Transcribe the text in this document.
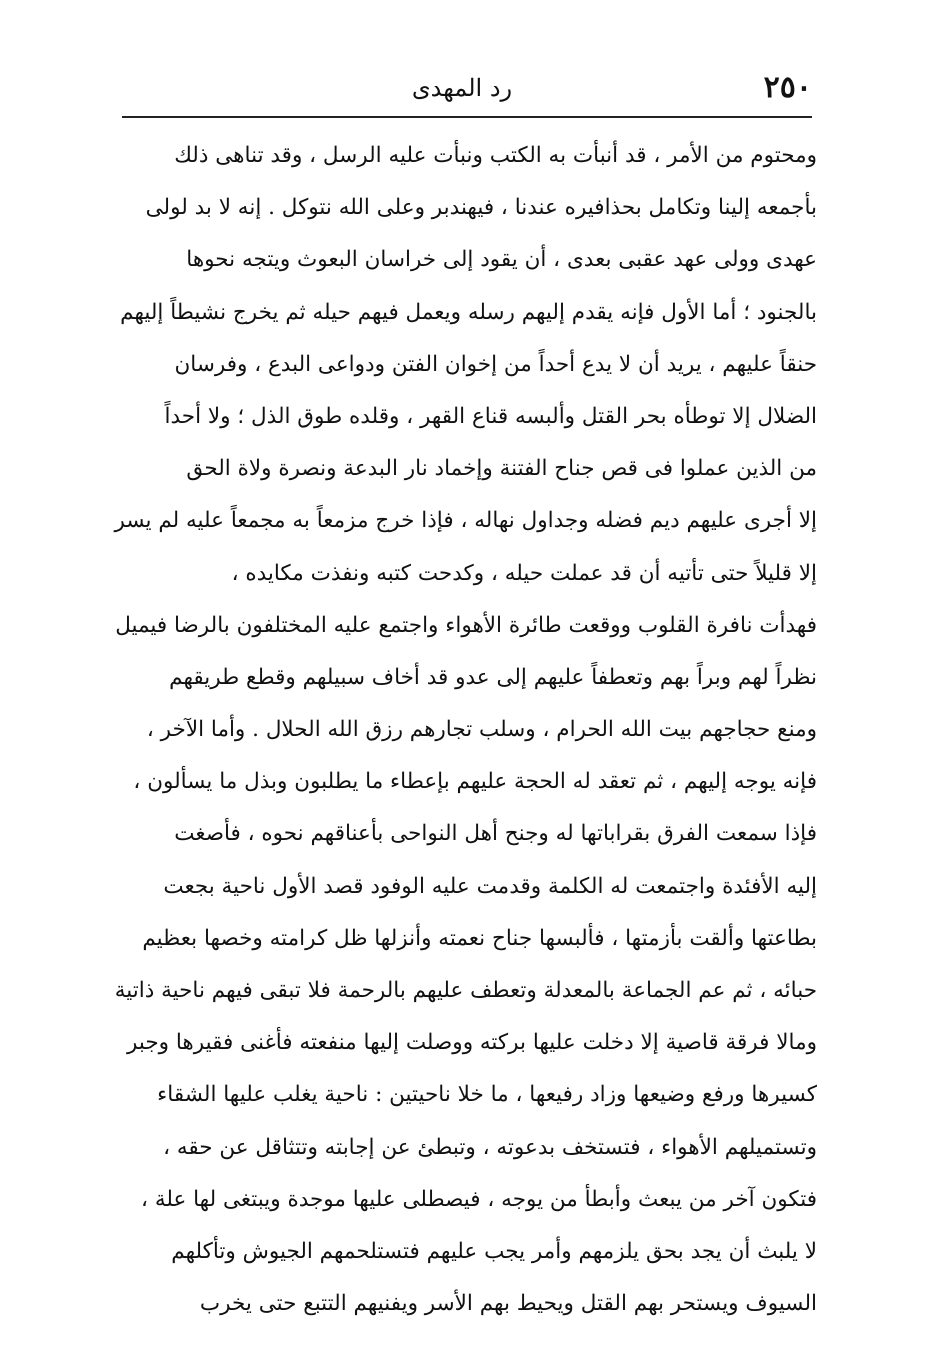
٢٥٠
رد المهدى
ومحتوم من الأمر ، قد أنبأت به الكتب ونبأت عليه الرسل ، وقد تناهى ذلك
بأجمعه إلينا وتكامل بحذافيره عندنا ، فيهندبر وعلى الله نتوكل . إنه لا بد لولى
عهدى وولى عهد عقبى بعدى ، أن يقود إلى خراسان البعوث ويتجه نحوها
بالجنود ؛ أما الأول فإنه يقدم إليهم رسله ويعمل فيهم حيله ثم يخرج نشيطاً إليهم
حنقاً عليهم ، يريد أن لا يدع أحداً من إخوان الفتن ودواعى البدع ، وفرسان
الضلال إلا توطأه بحر القتل وألبسه قناع القهر ، وقلده طوق الذل ؛ ولا أحداً
من الذين عملوا فى قص جناح الفتنة وإخماد نار البدعة ونصرة ولاة الحق
إلا أجرى عليهم ديم فضله وجداول نهاله ، فإذا خرج مزمعاً به مجمعاً عليه لم يسر
إلا قليلاً حتى تأتيه أن قد عملت حيله ، وكدحت كتبه ونفذت مكايده ،
فهدأت نافرة القلوب ووقعت طائرة الأهواء واجتمع عليه المختلفون بالرضا فيميل
نظراً لهم وبراً بهم وتعطفاً عليهم إلى عدو قد أخاف سبيلهم وقطع طريقهم
ومنع حجاجهم بيت الله الحرام ، وسلب تجارهم رزق الله الحلال . وأما الآخر ،
فإنه يوجه إليهم ، ثم تعقد له الحجة عليهم بإعطاء ما يطلبون وبذل ما يسألون ،
فإذا سمعت الفرق بقراباتها له وجنح أهل النواحى بأعناقهم نحوه ، فأصغت
إليه الأفئدة واجتمعت له الكلمة وقدمت عليه الوفود قصد الأول ناحية بجعت
بطاعتها وألقت بأزمتها ، فألبسها جناح نعمته وأنزلها ظل كرامته وخصها بعظيم
حبائه ، ثم عم الجماعة بالمعدلة وتعطف عليهم بالرحمة فلا تبقى فيهم ناحية ذاتية
ومالا فرقة قاصية إلا دخلت عليها بركته ووصلت إليها منفعته فأغنى فقيرها وجبر
كسيرها ورفع وضيعها وزاد رفيعها ، ما خلا ناحيتين : ناحية يغلب عليها الشقاء
وتستميلهم الأهواء ، فتستخف بدعوته ، وتبطئ عن إجابته وتتثاقل عن حقه ،
فتكون آخر من يبعث وأبطأ من يوجه ، فيصطلى عليها موجدة ويبتغى لها علة ،
لا يلبث أن يجد بحق يلزمهم وأمر يجب عليهم فتستلحمهم الجيوش وتأكلهم
السيوف ويستحر بهم القتل ويحيط بهم الأسر ويفنيهم التتبع حتى يخرب
